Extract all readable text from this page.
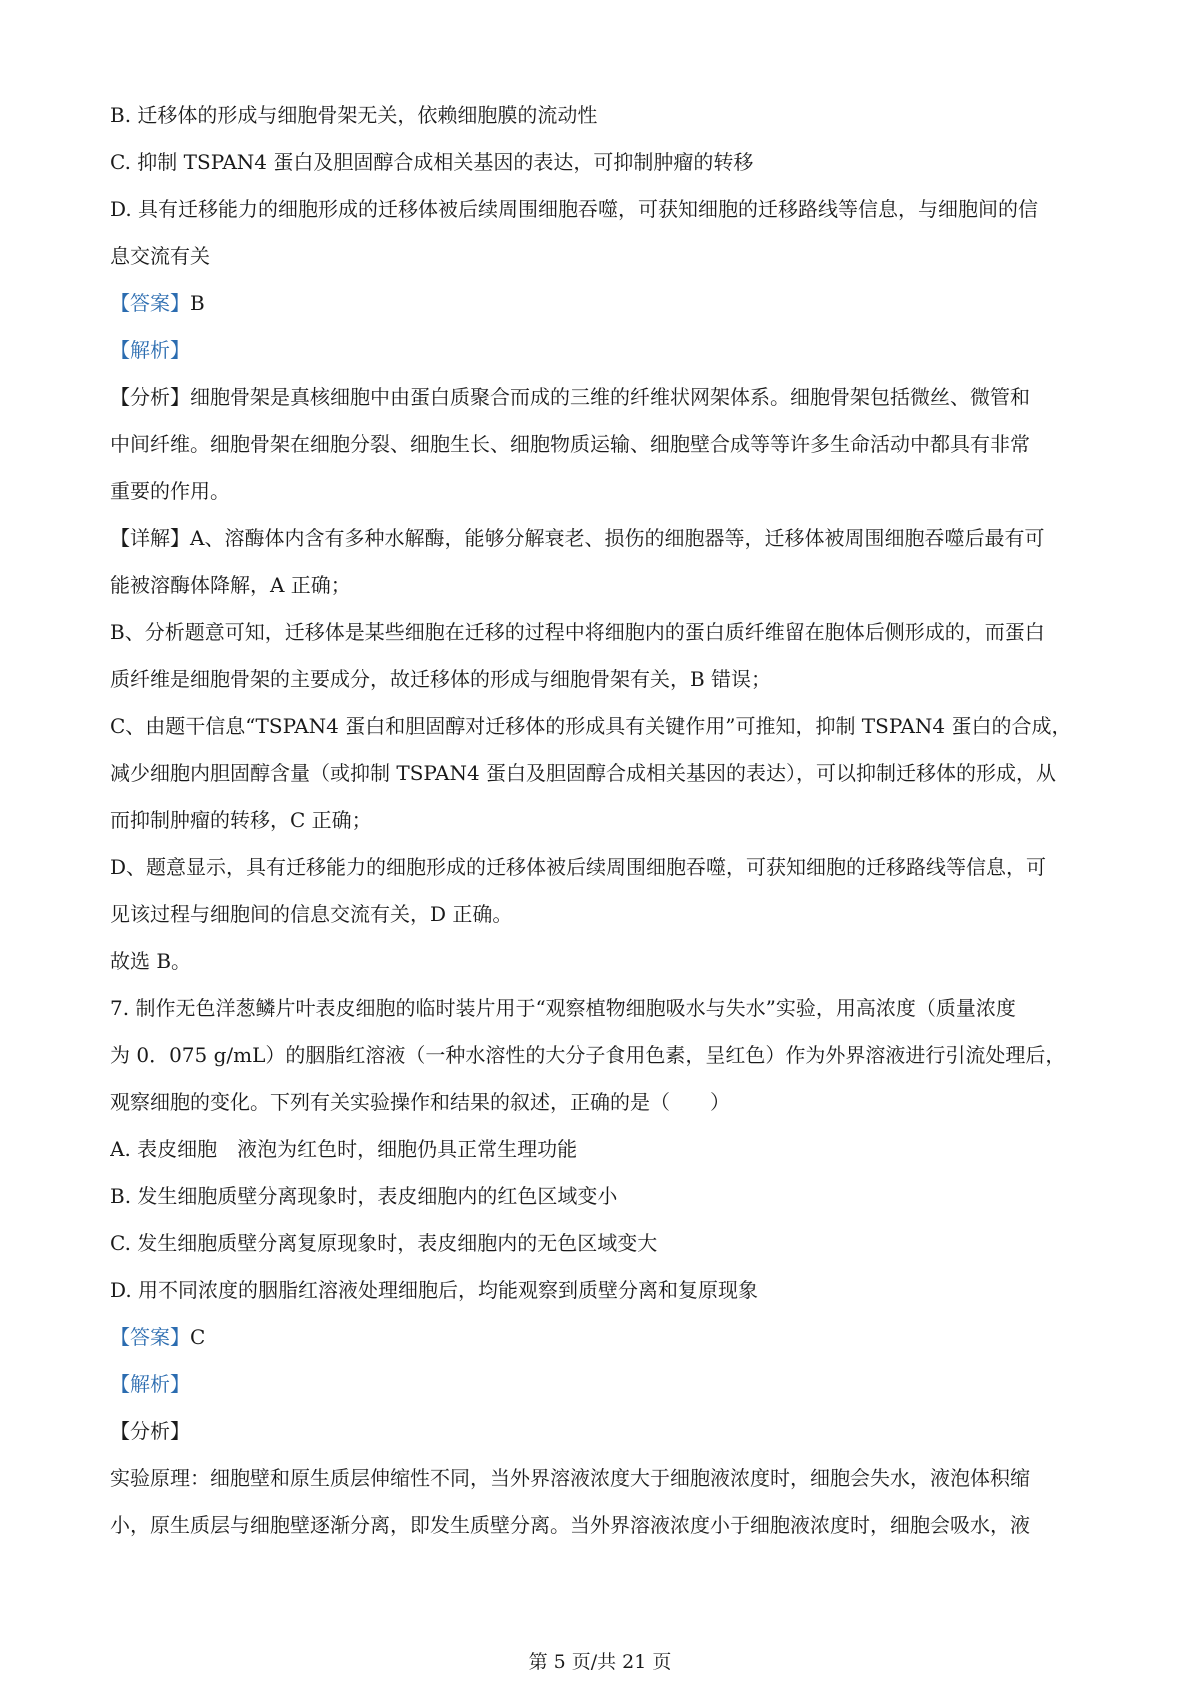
B. 迁移体的形成与细胞骨架无关，依赖细胞膜的流动性
C. 抑制 TSPAN4 蛋白及胆固醇合成相关基因的表达，可抑制肿瘤的转移
D. 具有迁移能力的细胞形成的迁移体被后续周围细胞吞噬，可获知细胞的迁移路线等信息，与细胞间的信
息交流有关
【答案】B
【解析】
【分析】细胞骨架是真核细胞中由蛋白质聚合而成的三维的纤维状网架体系。细胞骨架包括微丝、微管和
中间纤维。细胞骨架在细胞分裂、细胞生长、细胞物质运输、细胞壁合成等等许多生命活动中都具有非常
重要的作用。
【详解】A、溶酶体内含有多种水解酶，能够分解衰老、损伤的细胞器等，迁移体被周围细胞吞噬后最有可
能被溶酶体降解，A 正确；
B、分析题意可知，迁移体是某些细胞在迁移的过程中将细胞内的蛋白质纤维留在胞体后侧形成的，而蛋白
质纤维是细胞骨架的主要成分，故迁移体的形成与细胞骨架有关，B 错误；
C、由题干信息“TSPAN4 蛋白和胆固醇对迁移体的形成具有关键作用”可推知，抑制 TSPAN4 蛋白的合成，
减少细胞内胆固醇含量（或抑制 TSPAN4 蛋白及胆固醇合成相关基因的表达），可以抑制迁移体的形成，从
而抑制肿瘤的转移，C 正确；
D、题意显示，具有迁移能力的细胞形成的迁移体被后续周围细胞吞噬，可获知细胞的迁移路线等信息，可
见该过程与细胞间的信息交流有关，D 正确。
故选 B。
7. 制作无色洋葱鳞片叶表皮细胞的临时装片用于“观察植物细胞吸水与失水”实验，用高浓度（质量浓度
为 0．075 g/mL）的胭脂红溶液（一种水溶性的大分子食用色素，呈红色）作为外界溶液进行引流处理后，
观察细胞的变化。下列有关实验操作和结果的叙述，正确的是（　　）
A. 表皮细胞　液泡为红色时，细胞仍具正常生理功能
B. 发生细胞质壁分离现象时，表皮细胞内的红色区域变小
C. 发生细胞质壁分离复原现象时，表皮细胞内的无色区域变大
D. 用不同浓度的胭脂红溶液处理细胞后，均能观察到质壁分离和复原现象
【答案】C
【解析】
【分析】
实验原理：细胞壁和原生质层伸缩性不同，当外界溶液浓度大于细胞液浓度时，细胞会失水，液泡体积缩
小，原生质层与细胞壁逐渐分离，即发生质壁分离。当外界溶液浓度小于细胞液浓度时，细胞会吸水，液
第 5 页/共 21 页
